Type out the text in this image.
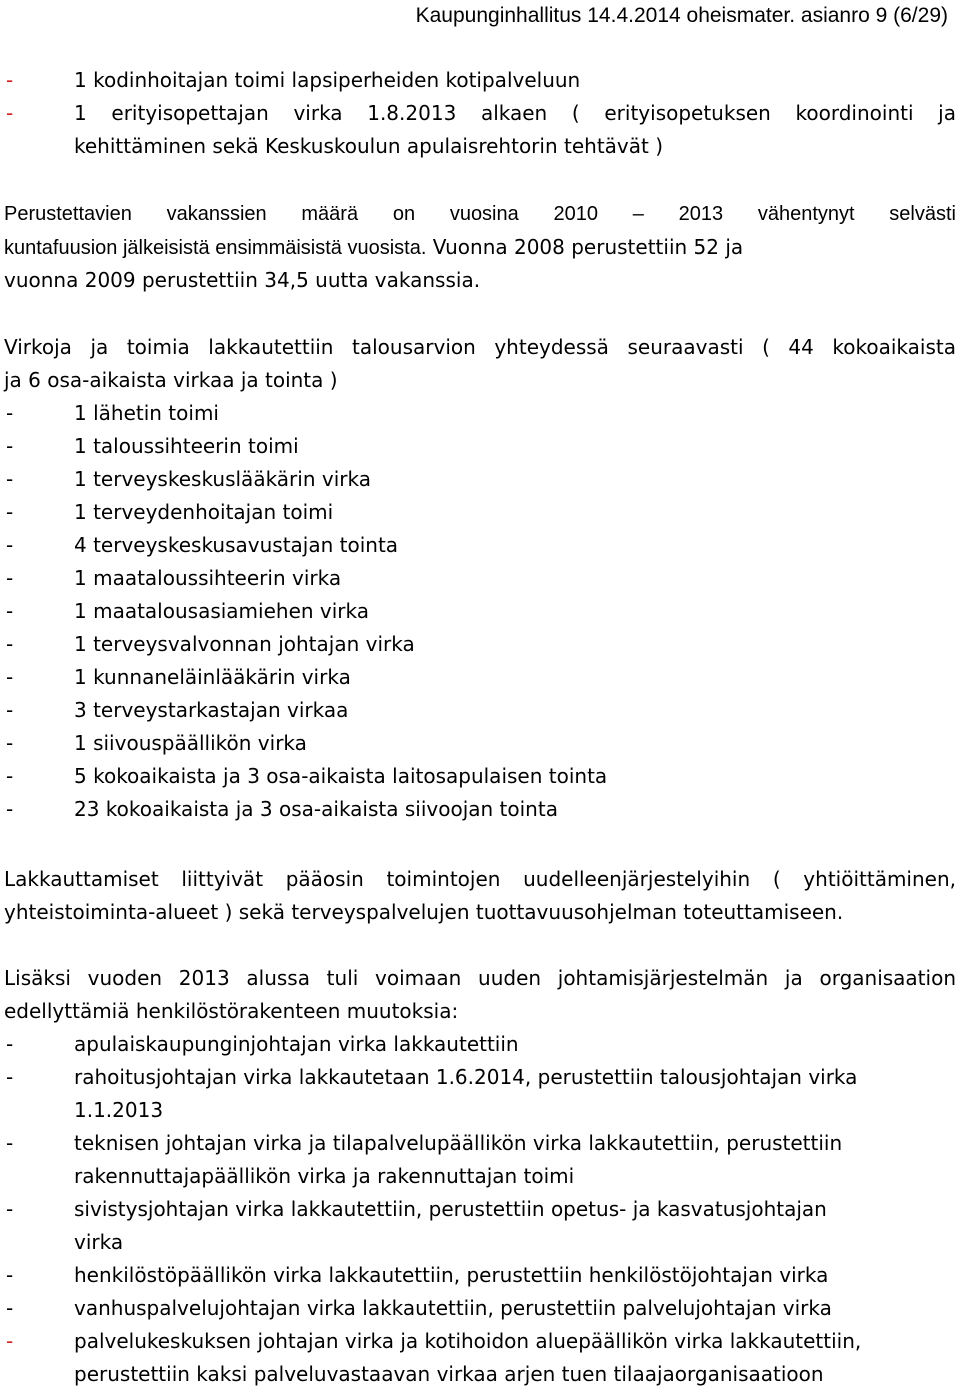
Kaupunginhallitus 14.4.2014 oheismater. asianro 9 (6/29)
-	1 kodinhoitajan toimi lapsiperheiden kotipalveluun
-	1 erityisopettajan virka 1.8.2013 alkaen ( erityisopetuksen koordinointi ja
kehittäminen sekä Keskuskoulun apulaisrehtorin tehtävät )
Perustettavien vakanssien määrä on vuosina 2010 – 2013 vähentynyt selvästi
kuntafuusion jälkeisistä ensimmäisistä vuosista. Vuonna 2008 perustettiin 52 ja
vuonna 2009 perustettiin 34,5 uutta vakanssia.
Virkoja ja toimia lakkautettiin talousarvion yhteydessä seuraavasti ( 44 kokoaikaista
ja 6 osa-aikaista virkaa ja tointa )
-	1 lähetin toimi
-	1 taloussihteerin toimi
-	1 terveyskeskuslääkärin virka
-	1 terveydenhoitajan toimi
-	4 terveyskeskusavustajan tointa
-	1 maataloussihteerin virka
-	1 maatalousasiamiehen virka
-	1 terveysvalvonnan johtajan virka
-	1 kunnaneläinlääkärin virka
-	3 terveystarkastajan virkaa
-	1 siivouspäällikön virka
-	5 kokoaikaista ja 3 osa-aikaista laitosapulaisen tointa
-	23 kokoaikaista ja 3 osa-aikaista siivoojan tointa
Lakkauttamiset liittyivät pääosin toimintojen uudelleenjärjestelyihin ( yhtiöittäminen,
yhteistoiminta-alueet ) sekä terveyspalvelujen tuottavuusohjelman toteuttamiseen.
Lisäksi vuoden 2013 alussa tuli voimaan uuden johtamisjärjestelmän ja organisaation
edellyttämiä henkilöstörakenteen muutoksia:
-	apulaiskaupunginjohtajan virka lakkautettiin
-	rahoitusjohtajan virka lakkautetaan 1.6.2014, perustettiin talousjohtajan virka
1.1.2013
-	teknisen johtajan virka ja tilapalvelupäällikön virka lakkautettiin, perustettiin
rakennuttajapäällikön virka ja rakennuttajan toimi
-	sivistysjohtajan virka lakkautettiin, perustettiin opetus- ja kasvatusjohtajan
virka
-	henkilöstöpäällikön virka lakkautettiin, perustettiin henkilöstöjohtajan virka
-	vanhuspalvelujohtajan virka lakkautettiin, perustettiin palvelujohtajan virka
-	palvelukeskuksen johtajan virka ja kotihoidon aluepäällikön virka lakkautettiin,
perustettiin kaksi palveluvastaavan virkaa arjen tuen tilaajaorganisaatioon
